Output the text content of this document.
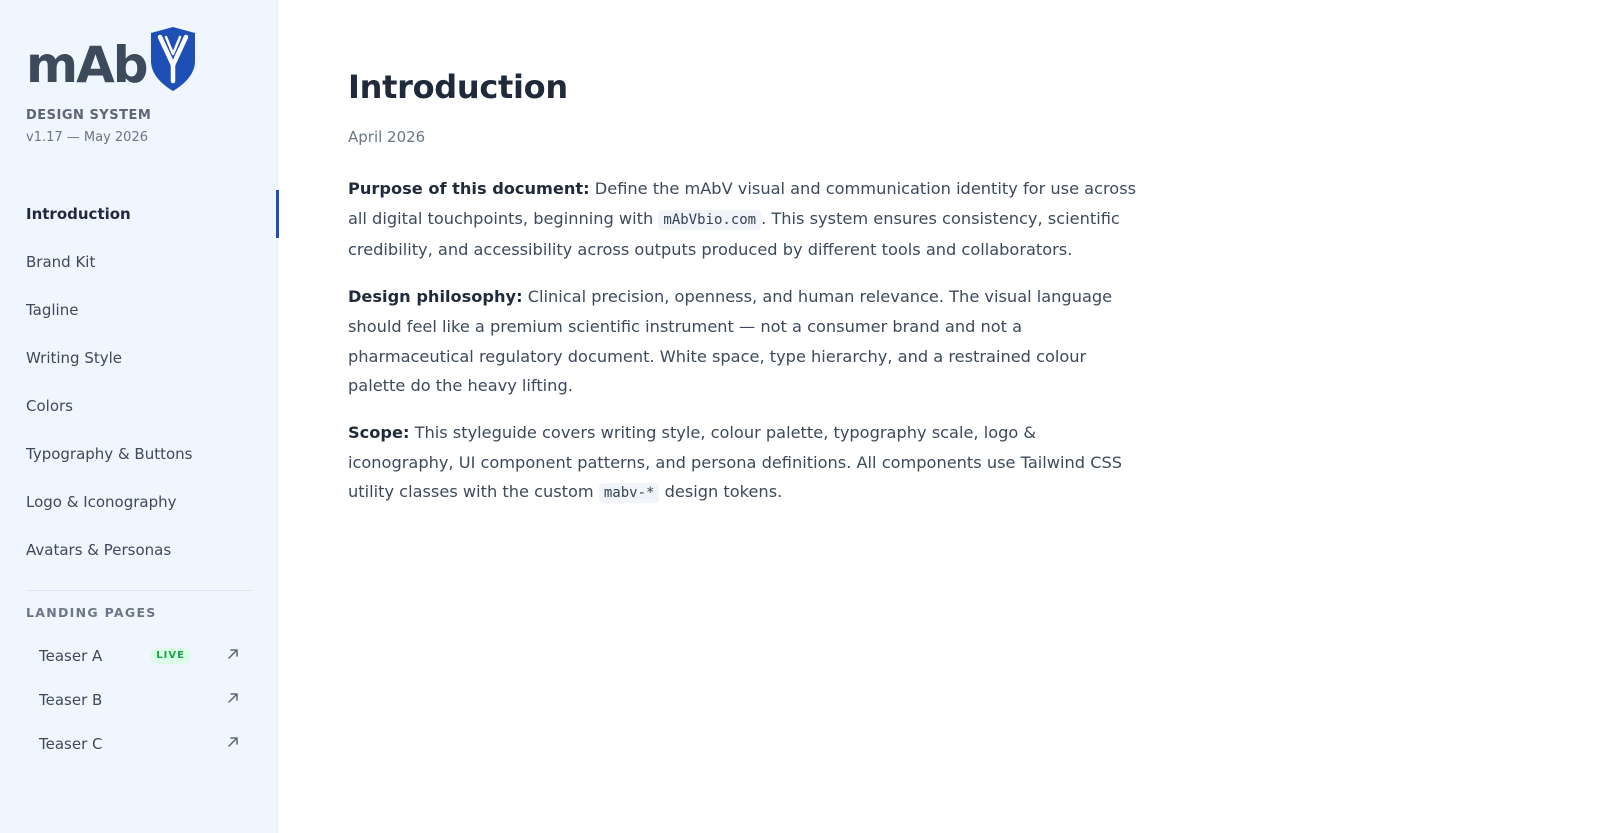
mAb
DESIGN SYSTEM
v1.17 — May 2026
Introduction
Brand Kit
Tagline
Writing Style
Colors
Typography & Buttons
Logo & Iconography
Avatars & Personas
LANDING PAGES
Teaser A	LIVE
Teaser B
Teaser C
Introduction
April 2026

Purpose of this document: Define the mAbV visual and communication identity for use across all digital touchpoints, beginning with mAbVbio.com . This system ensures consistency, scientific credibility, and accessibility across outputs produced by different tools and collaborators.

Design philosophy: Clinical precision, openness, and human relevance. The visual language should feel like a premium scientific instrument — not a consumer brand and not a pharmaceutical regulatory document. White space, type hierarchy, and a restrained colour palette do the heavy lifting.

Scope: This styleguide covers writing style, colour palette, typography scale, logo & iconography, UI component patterns, and persona definitions. All components use Tailwind CSS utility classes with the custom mabv-* design tokens.
